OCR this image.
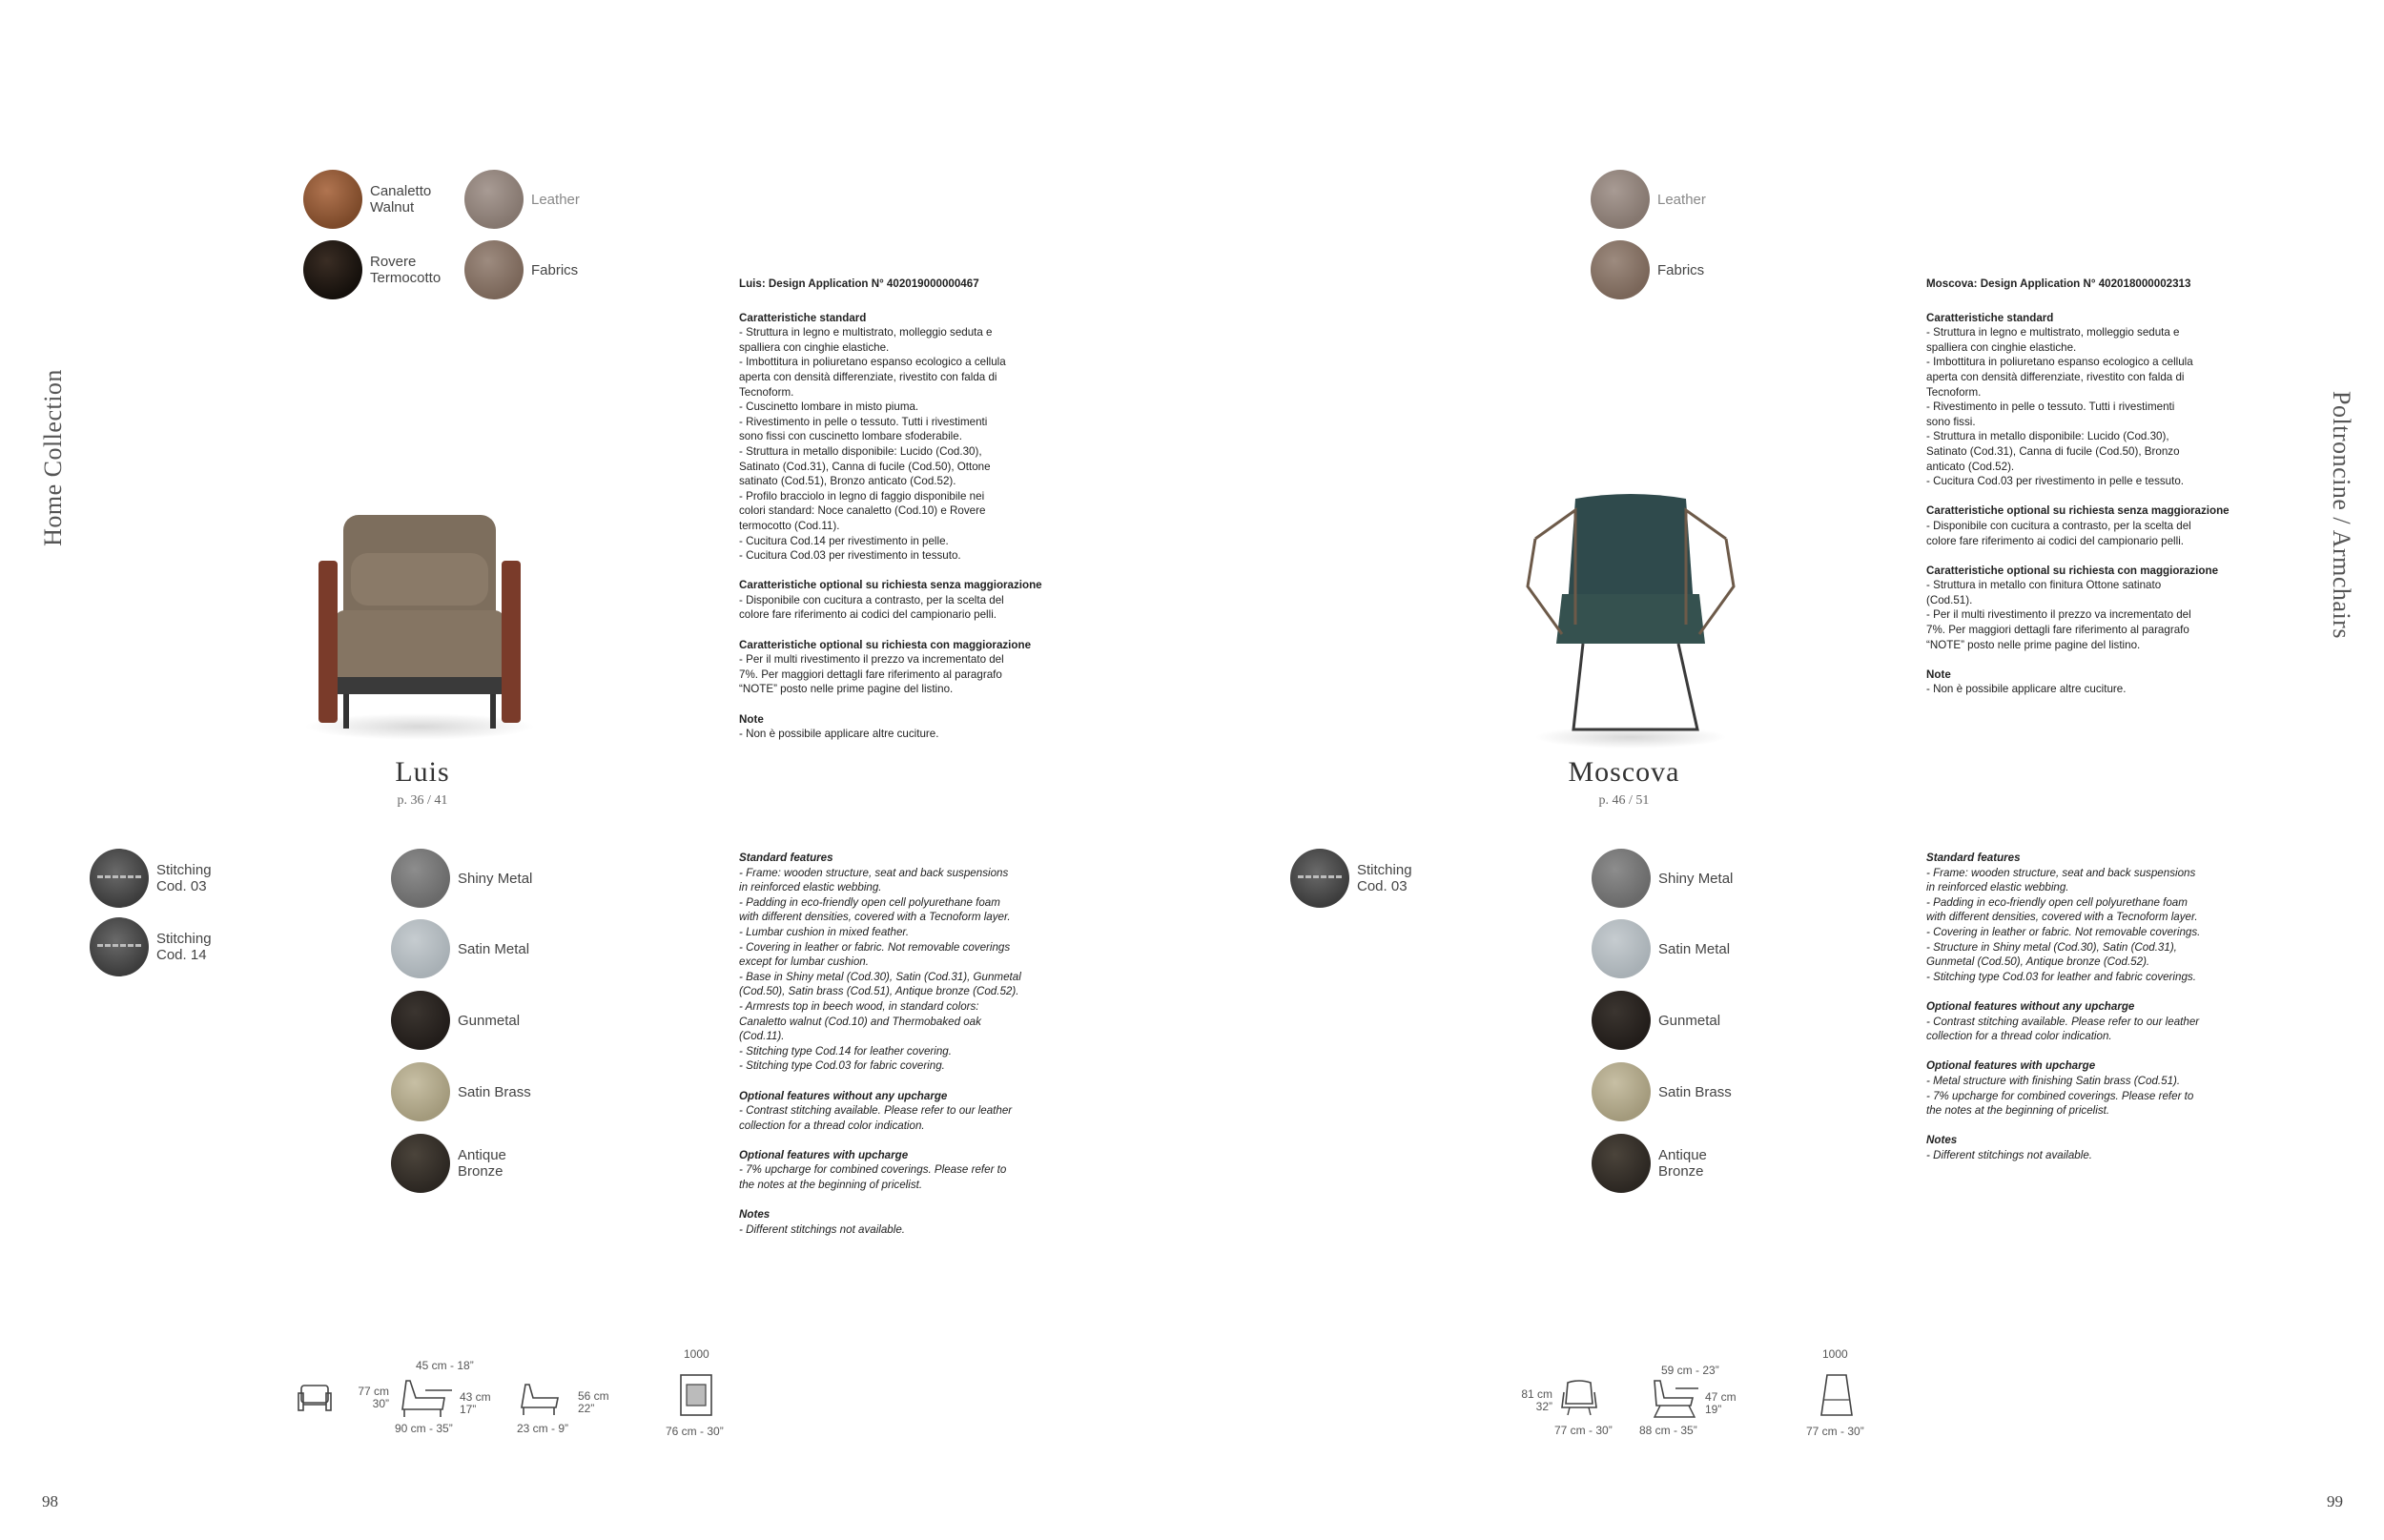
Home Collection	Poltroncine / Armchairs
98	99
Canaletto Walnut
Rovere Termocotto
Leather
Fabrics
Luis
p. 36 / 41
Stitching Cod. 03
Stitching Cod. 14
Shiny Metal
Satin Metal
Gunmetal
Satin Brass
Antique Bronze
Luis: Design Application N° 402019000000467
Caratteristiche standard
- Struttura in legno e multistrato, molleggio seduta e
spalliera con cinghie elastiche.
- Imbottitura in poliuretano espanso ecologico a cellula
aperta con densità differenziate, rivestito con falda di
Tecnoform.
- Cuscinetto lombare in misto piuma.
- Rivestimento in pelle o tessuto. Tutti i rivestimenti
sono fissi con cuscinetto lombare sfoderabile.
- Struttura in metallo disponibile: Lucido (Cod.30),
Satinato (Cod.31), Canna di fucile (Cod.50), Ottone
satinato (Cod.51), Bronzo anticato (Cod.52).
- Profilo bracciolo in legno di faggio disponibile nei
colori standard: Noce canaletto (Cod.10) e Rovere
termocotto (Cod.11).
- Cucitura Cod.14 per rivestimento in pelle.
- Cucitura Cod.03 per rivestimento in tessuto.
Caratteristiche optional su richiesta senza maggiorazione
- Disponibile con cucitura a contrasto, per la scelta del
colore fare riferimento ai codici del campionario pelli.
Caratteristiche optional su richiesta con maggiorazione
- Per il multi rivestimento il prezzo va incrementato del
7%. Per maggiori dettagli fare riferimento al paragrafo
“NOTE” posto nelle prime pagine del listino.
Note
- Non è possibile applicare altre cuciture.
Standard features
- Frame: wooden structure, seat and back suspensions
in reinforced elastic webbing.
- Padding in eco-friendly open cell polyurethane foam
with different densities, covered with a Tecnoform layer.
- Lumbar cushion in mixed feather.
- Covering in leather or fabric. Not removable coverings
except for lumbar cushion.
- Base in Shiny metal (Cod.30), Satin (Cod.31), Gunmetal
(Cod.50), Satin brass (Cod.51), Antique bronze (Cod.52).
- Armrests top in beech wood, in standard colors:
Canaletto walnut (Cod.10) and Thermobaked oak
(Cod.11).
- Stitching type Cod.14 for leather covering.
- Stitching type Cod.03 for fabric covering.
Optional features without any upcharge
- Contrast stitching available. Please refer to our leather
collection for a thread color indication.
Optional features with upcharge
- 7% upcharge for combined coverings. Please refer to
the notes at the beginning of pricelist.
Notes
- Different stitchings not available.
77 cm
30”
45 cm - 18”
43 cm
17”
90 cm - 35”
56 cm
22”
23 cm - 9”
1000
76 cm - 30”
Leather
Fabrics
Moscova
p. 46 / 51
Stitching Cod. 03	Shiny Metal
Satin Metal
Gunmetal
Satin Brass
Antique Bronze
Moscova: Design Application N° 402018000002313
Caratteristiche standard
- Struttura in legno e multistrato, molleggio seduta e
spalliera con cinghie elastiche.
- Imbottitura in poliuretano espanso ecologico a cellula
aperta con densità differenziate, rivestito con falda di
Tecnoform.
- Rivestimento in pelle o tessuto. Tutti i rivestimenti
sono fissi.
- Struttura in metallo disponibile: Lucido (Cod.30),
Satinato (Cod.31), Canna di fucile (Cod.50), Bronzo
anticato (Cod.52).
- Cucitura Cod.03 per rivestimento in pelle e tessuto.
Caratteristiche optional su richiesta senza maggiorazione
- Disponibile con cucitura a contrasto, per la scelta del
colore fare riferimento ai codici del campionario pelli.
Caratteristiche optional su richiesta con maggiorazione
- Struttura in metallo con finitura Ottone satinato
(Cod.51).
- Per il multi rivestimento il prezzo va incrementato del
7%. Per maggiori dettagli fare riferimento al paragrafo
“NOTE” posto nelle prime pagine del listino.
Note
- Non è possibile applicare altre cuciture.
Standard features
- Frame: wooden structure, seat and back suspensions
in reinforced elastic webbing.
- Padding in eco-friendly open cell polyurethane foam
with different densities, covered with a Tecnoform layer.
- Covering in leather or fabric. Not removable coverings.
- Structure in Shiny metal (Cod.30), Satin (Cod.31),
Gunmetal (Cod.50), Antique bronze (Cod.52).
- Stitching type Cod.03 for leather and fabric coverings.
Optional features without any upcharge
- Contrast stitching available. Please refer to our leather
collection for a thread color indication.
Optional features with upcharge
- Metal structure with finishing Satin brass (Cod.51).
- 7% upcharge for combined coverings. Please refer to
the notes at the beginning of pricelist.
Notes
- Different stitchings not available.
81 cm
32”
77 cm - 30”
59 cm - 23”
47 cm
19”
88 cm - 35”
1000
77 cm - 30”
